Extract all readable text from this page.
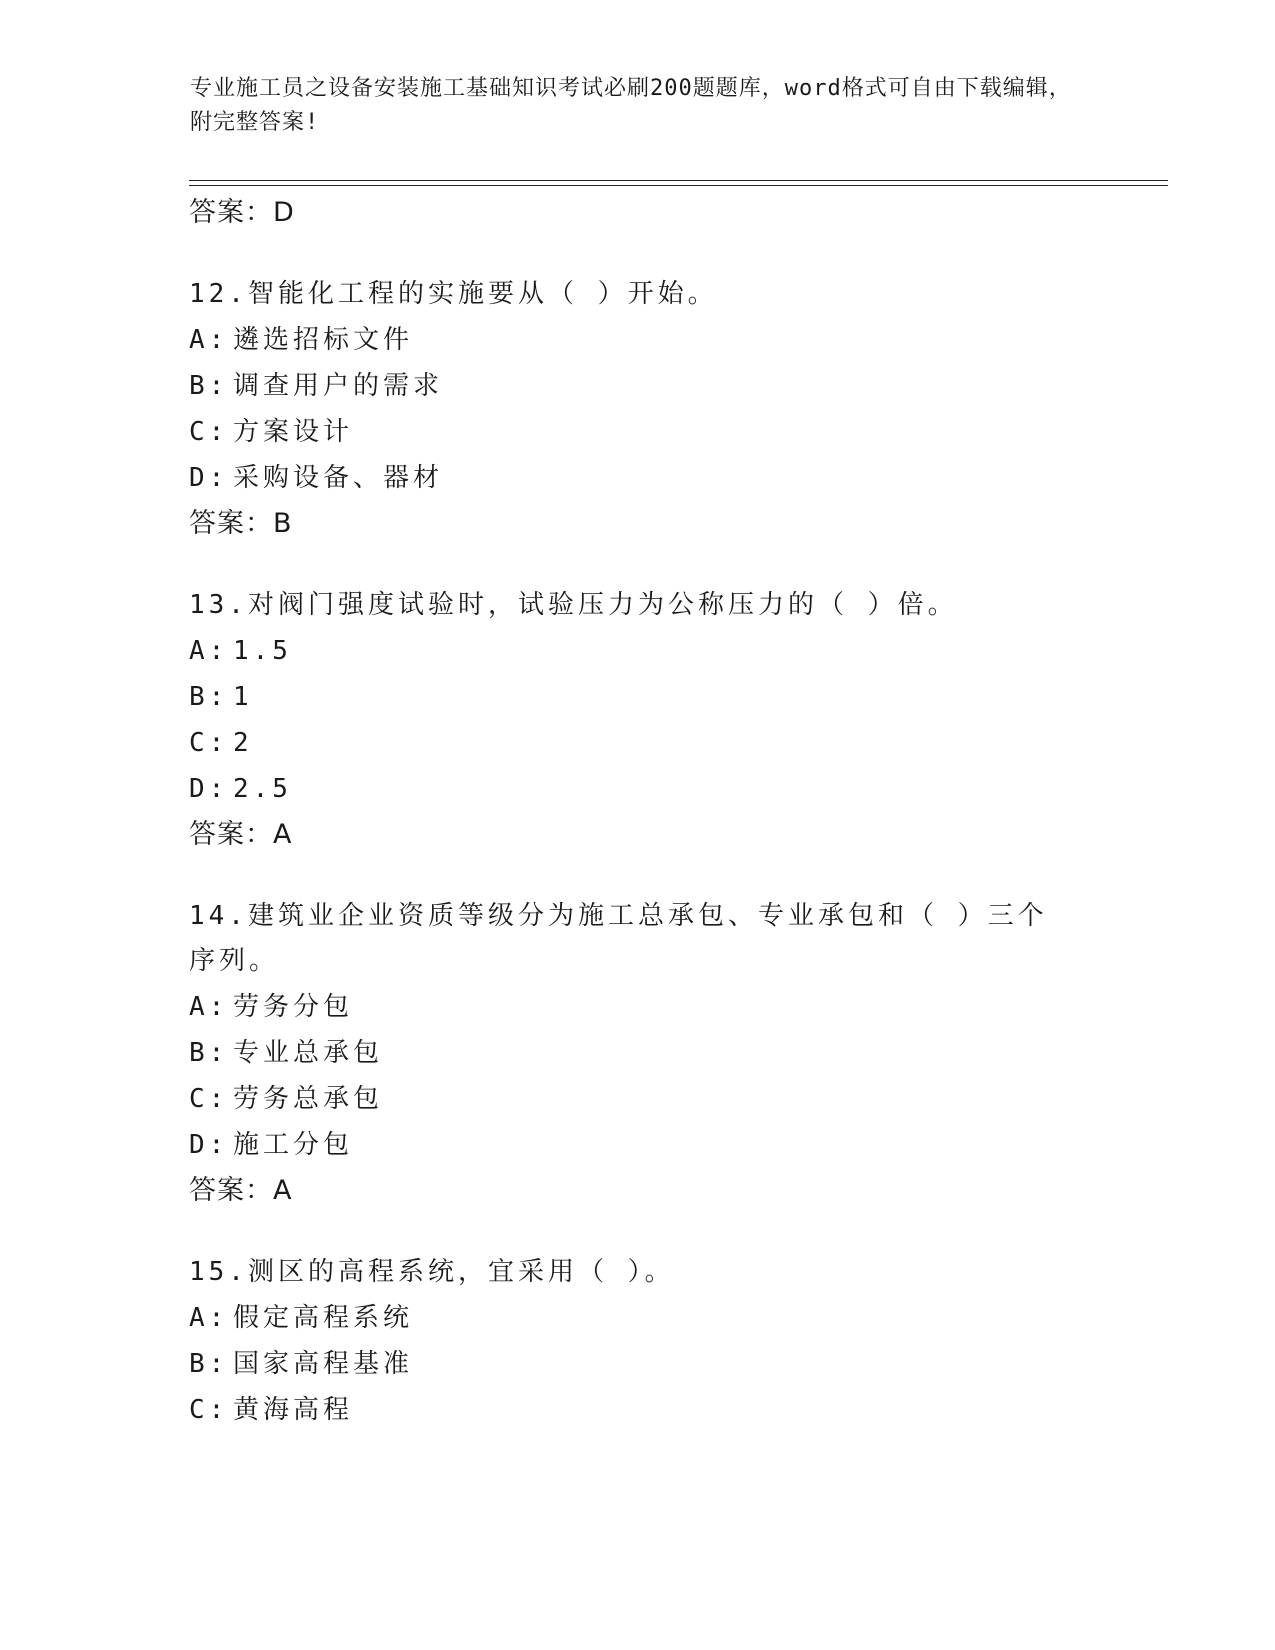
专业施工员之设备安装施工基础知识考试必刷200题题库，word格式可自由下载编辑，附完整答案!
答案：D
12.智能化工程的实施要从（ ）开始。
A: 遴选招标文件
B: 调查用户的需求
C: 方案设计
D: 采购设备、器材
答案：B
13.对阀门强度试验时，试验压力为公称压力的（ ）倍。
A: 1.5
B: 1
C: 2
D: 2.5
答案：A
14.建筑业企业资质等级分为施工总承包、专业承包和（ ）三个序列。
A: 劳务分包
B: 专业总承包
C: 劳务总承包
D: 施工分包
答案：A
15.测区的高程系统，宜采用（ ）。
A: 假定高程系统
B: 国家高程基准
C: 黄海高程
